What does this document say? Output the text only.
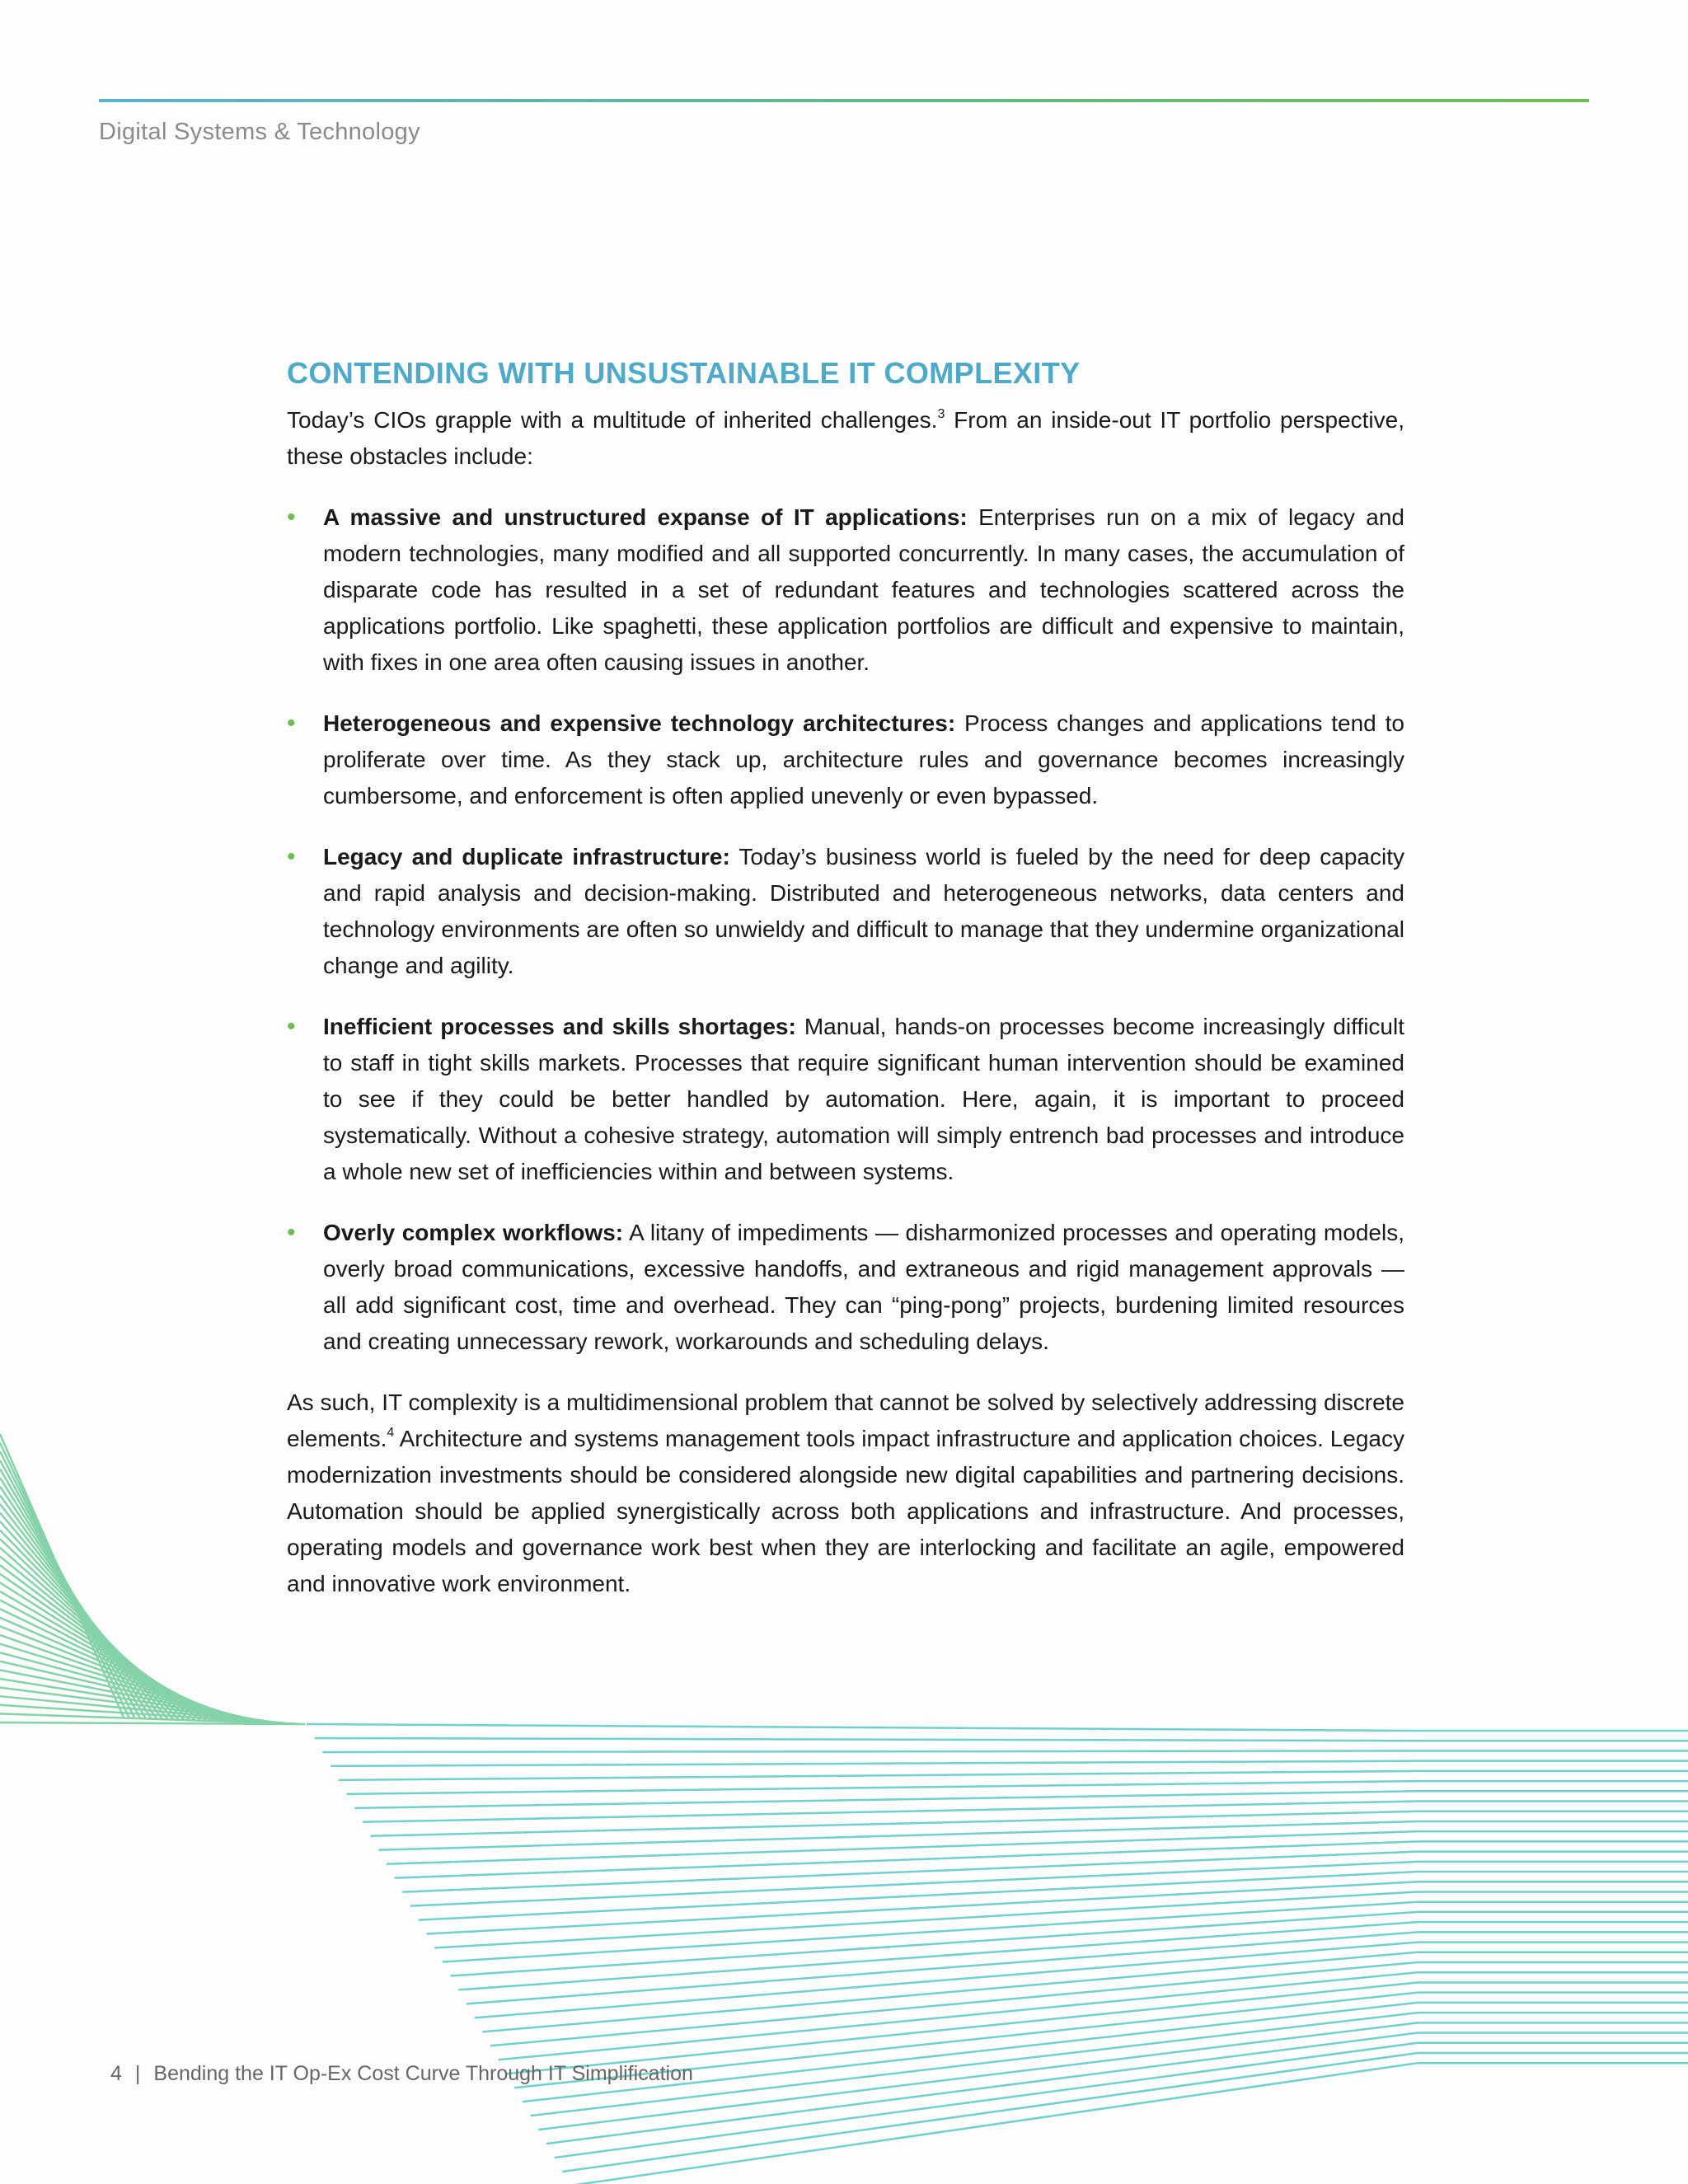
Digital Systems & Technology
CONTENDING WITH UNSUSTAINABLE IT COMPLEXITY

Today’s CIOs grapple with a multitude of inherited challenges.$^3$ From an inside-out IT portfolio perspective, these obstacles include:

• A massive and unstructured expanse of IT applications: Enterprises run on a mix of legacy and modern technologies, many modified and all supported concurrently. In many cases, the accumulation of disparate code has resulted in a set of redundant features and technologies scattered across the applications portfolio. Like spaghetti, these application portfolios are difficult and expensive to maintain, with fixes in one area often causing issues in another.
• Heterogeneous and expensive technology architectures: Process changes and applications tend to proliferate over time. As they stack up, architecture rules and governance becomes increasingly cumbersome, and enforcement is often applied unevenly or even bypassed.
• Legacy and duplicate infrastructure: Today’s business world is fueled by the need for deep capacity and rapid analysis and decision-making. Distributed and heterogeneous networks, data centers and technology environments are often so unwieldy and difficult to manage that they undermine organizational change and agility.
• Inefficient processes and skills shortages: Manual, hands-on processes become increasingly difficult to staff in tight skills markets. Processes that require significant human intervention should be examined to see if they could be better handled by automation. Here, again, it is important to proceed systematically. Without a cohesive strategy, automation will simply entrench bad processes and introduce a whole new set of inefficiencies within and between systems.
• Overly complex workflows: A litany of impediments — disharmonized processes and operating models, overly broad communications, excessive handoffs, and extraneous and rigid management approvals — all add significant cost, time and overhead. They can “ping-pong” projects, burdening limited resources and creating unnecessary rework, workarounds and scheduling delays.

As such, IT complexity is a multidimensional problem that cannot be solved by selectively addressing discrete elements.$^4$ Architecture and systems management tools impact infrastructure and application choices. Legacy modernization investments should be considered alongside new digital capabilities and partnering decisions. Automation should be applied synergistically across both applications and infrastructure. And processes, operating models and governance work best when they are interlocking and facilitate an agile, empowered and innovative work environment.

4 | Bending the IT Op-Ex Cost Curve Through IT Simplification
